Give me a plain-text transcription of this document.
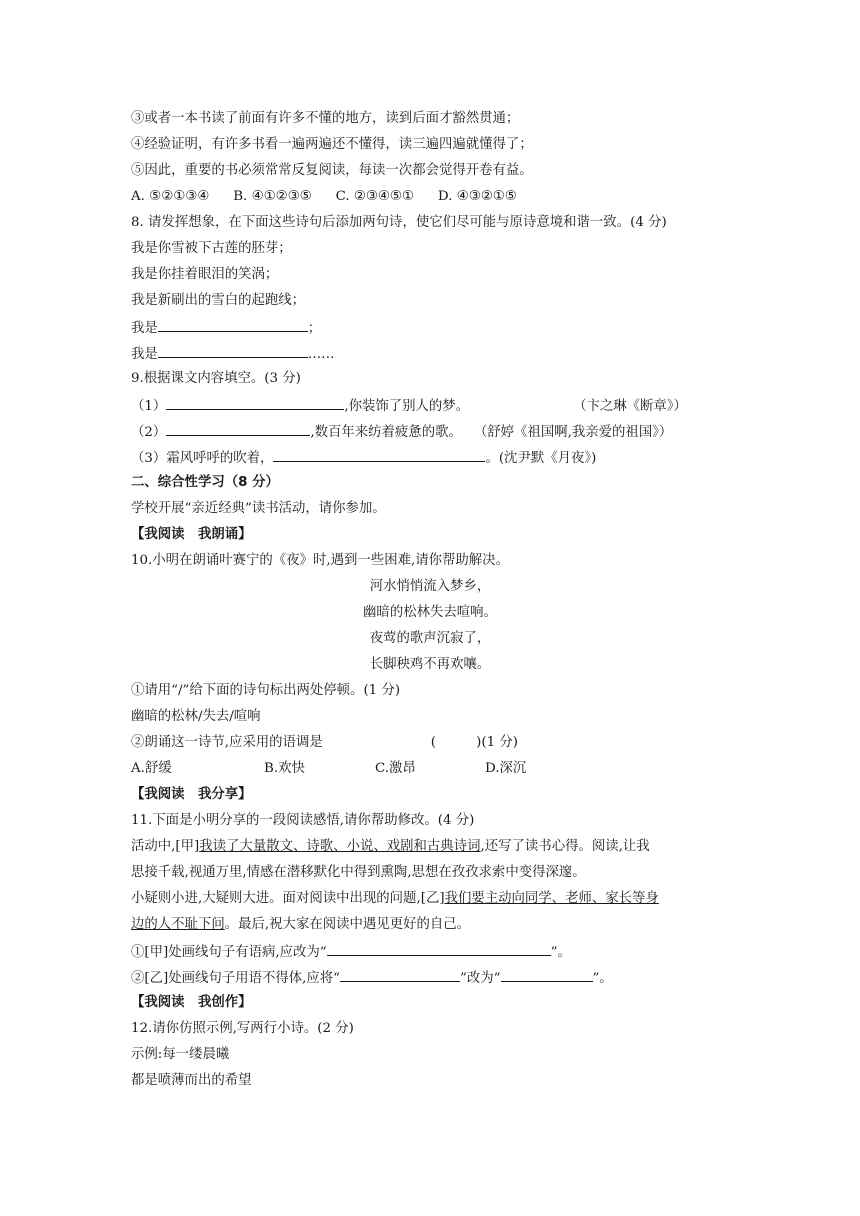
③或者一本书读了前面有许多不懂的地方，读到后面才豁然贯通；
④经验证明，有许多书看一遍两遍还不懂得，读三遍四遍就懂得了；
⑤因此，重要的书必须常常反复阅读，每读一次都会觉得开卷有益。
A. ⑤②①③④ B. ④①②③⑤ C. ②③④⑤① D. ④③②①⑤
8. 请发挥想象，在下面这些诗句后添加两句诗，使它们尽可能与原诗意境和谐一致。(4 分)
我是你雪被下古莲的胚芽；
我是你挂着眼泪的笑涡；
我是新刷出的雪白的起跑线；
我是	；
我是	……
9.根据课文内容填空。(3 分)
（1）	,你装饰了别人的梦。	（卞之琳《断章》）
（2）	,数百年来纺着疲惫的歌。 （舒婷《祖国啊,我亲爱的祖国》）
（3）霜风呼呼的吹着，	。(沈尹默《月夜》)
二、综合性学习（8 分）
学校开展“亲近经典”读书活动，请你参加。
【我阅读　我朗诵】
10.小明在朗诵叶赛宁的《夜》时,遇到一些困难,请你帮助解决。
河水悄悄流入梦乡，
幽暗的松林失去喧响。
夜莺的歌声沉寂了，
长脚秧鸡不再欢嚷。
①请用“/”给下面的诗句标出两处停顿。(1 分)
幽暗的松林/失去/喧响
②朗诵这一诗节,应采用的语调是	(　　　)(1 分)
A.舒缓	B.欢快	C.激昂	D.深沉
【我阅读　我分享】
11.下面是小明分享的一段阅读感悟,请你帮助修改。(4 分)
活动中,[甲]我读了大量散文、诗歌、小说、戏剧和古典诗词,还写了读书心得。阅读,让我
思接千载,视通万里,情感在潜移默化中得到熏陶,思想在孜孜求索中变得深邃。
小疑则小进,大疑则大进。面对阅读中出现的问题,[乙]我们要主动向同学、老师、家长等身
边的人不耻下问。最后,祝大家在阅读中遇见更好的自己。
①[甲]处画线句子有语病,应改为“	”。
②[乙]处画线句子用语不得体,应将“	”改为“	”。
【我阅读　我创作】
12.请你仿照示例,写两行小诗。(2 分)
示例:每一缕晨曦
都是喷薄而出的希望
